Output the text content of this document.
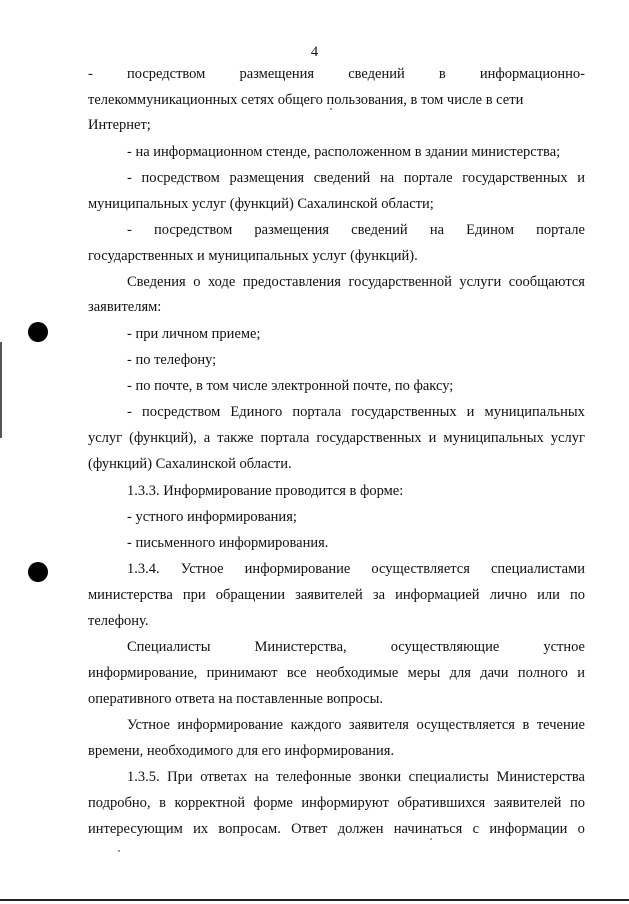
4
- посредством размещения сведений в информационно-
телекоммуникационных сетях общего пользования, в том числе в сети
Интернет;
- на информационном стенде, расположенном в здании министерства;
- посредством размещения сведений на портале государственных и
муниципальных услуг (функций) Сахалинской области;
- посредством размещения сведений на Едином портале
государственных и муниципальных услуг (функций).
Сведения о ходе предоставления государственной услуги сообщаются
заявителям:
- при личном приеме;
- по телефону;
- по почте, в том числе электронной почте, по факсу;
- посредством Единого портала государственных и муниципальных
услуг (функций), а также портала государственных и муниципальных услуг
(функций) Сахалинской области.
1.3.3. Информирование проводится в форме:
- устного информирования;
- письменного информирования.
1.3.4. Устное информирование осуществляется специалистами
министерства при обращении заявителей за информацией лично или по
телефону.
Специалисты	Министерства,	осуществляющие	устное
информирование, принимают все необходимые меры для дачи полного и
оперативного ответа на поставленные вопросы.
Устное информирование каждого заявителя осуществляется в течение
времени, необходимого для его информирования.
1.3.5. При ответах на телефонные звонки специалисты Министерства
подробно, в корректной форме информируют обратившихся заявителей по
интересующим их вопросам. Ответ должен начинаться с информации о
